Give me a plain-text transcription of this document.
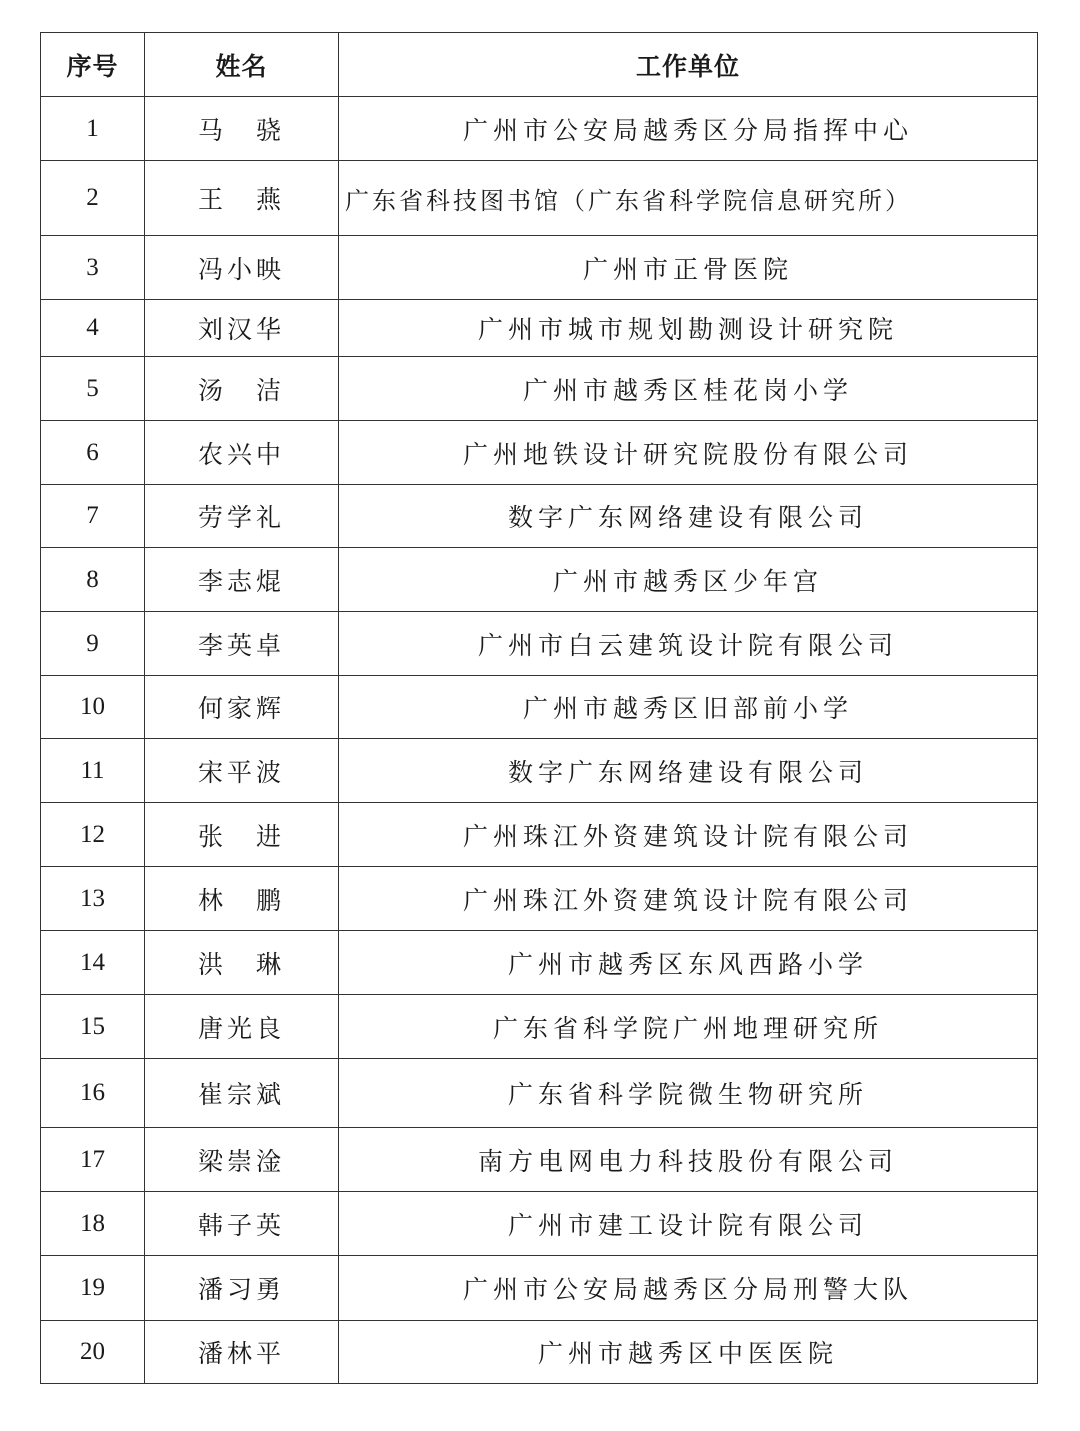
序号	姓名	工作单位
1	马　骁	广州市公安局越秀区分局指挥中心
2	王　燕	广东省科技图书馆（广东省科学院信息研究所）
3	冯小映	广州市正骨医院
4	刘汉华	广州市城市规划勘测设计研究院
5	汤　洁	广州市越秀区桂花岗小学
6	农兴中	广州地铁设计研究院股份有限公司
7	劳学礼	数字广东网络建设有限公司
8	李志焜	广州市越秀区少年宫
9	李英卓	广州市白云建筑设计院有限公司
10	何家辉	广州市越秀区旧部前小学
11	宋平波	数字广东网络建设有限公司
12	张　进	广州珠江外资建筑设计院有限公司
13	林　鹏	广州珠江外资建筑设计院有限公司
14	洪　琳	广州市越秀区东风西路小学
15	唐光良	广东省科学院广州地理研究所
16	崔宗斌	广东省科学院微生物研究所
17	梁崇淦	南方电网电力科技股份有限公司
18	韩子英	广州市建工设计院有限公司
19	潘习勇	广州市公安局越秀区分局刑警大队
20	潘林平	广州市越秀区中医医院
